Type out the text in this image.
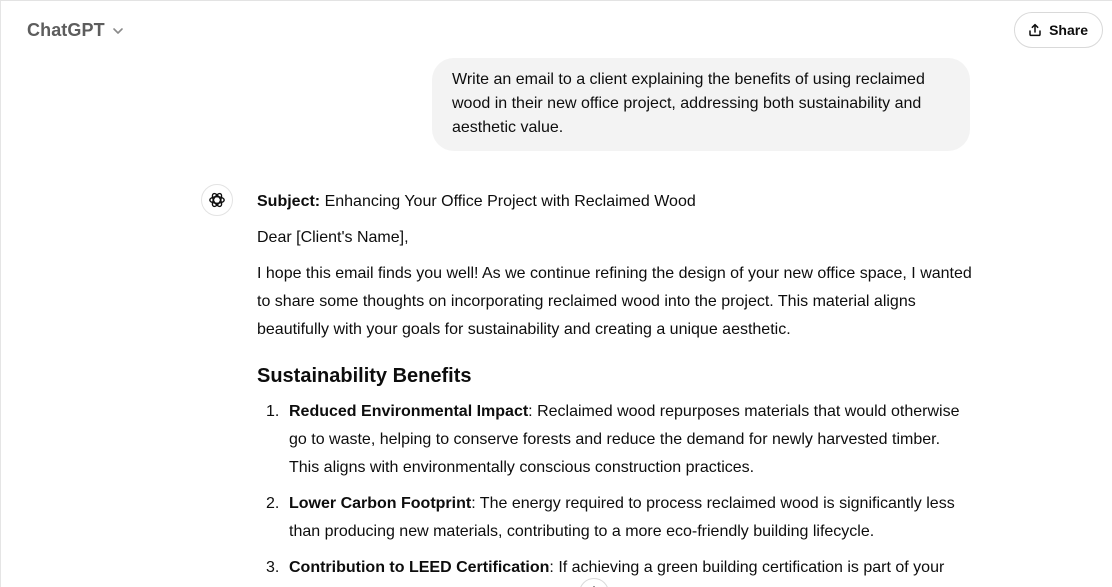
ChatGPT	Share
Write an email to a client explaining the benefits of using reclaimed wood in their new office project, addressing both sustainability and aesthetic value.

Subject: Enhancing Your Office Project with Reclaimed Wood

Dear [Client's Name],

I hope this email finds you well! As we continue refining the design of your new office space, I wanted to share some thoughts on incorporating reclaimed wood into the project. This material aligns beautifully with your goals for sustainability and creating a unique aesthetic.

Sustainability Benefits
1. Reduced Environmental Impact: Reclaimed wood repurposes materials that would otherwise go to waste, helping to conserve forests and reduce the demand for newly harvested timber. This aligns with environmentally conscious construction practices.
2. Lower Carbon Footprint: The energy required to process reclaimed wood is significantly less than producing new materials, contributing to a more eco-friendly building lifecycle.
3. Contribution to LEED Certification: If achieving a green building certification is part of your
